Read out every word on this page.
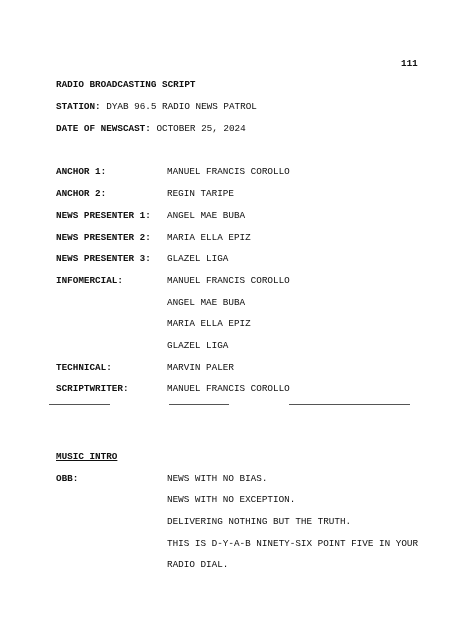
111
RADIO BROADCASTING SCRIPT
STATION: DYAB 96.5 RADIO NEWS PATROL
DATE OF NEWSCAST: OCTOBER 25, 2024
ANCHOR 1:	MANUEL FRANCIS COROLLO
ANCHOR 2:	REGIN TARIPE
NEWS PRESENTER 1: ANGEL MAE BUBA
NEWS PRESENTER 2: MARIA ELLA EPIZ
NEWS PRESENTER 3: GLAZEL LIGA
INFOMERCIAL:	MANUEL FRANCIS COROLLO
ANGEL MAE BUBA
MARIA ELLA EPIZ
GLAZEL LIGA
TECHNICAL:	MARVIN PALER
SCRIPTWRITER:	MANUEL FRANCIS COROLLO
MUSIC INTRO
OBB:	NEWS WITH NO BIAS.
NEWS WITH NO EXCEPTION.
DELIVERING NOTHING BUT THE TRUTH.
THIS IS D-Y-A-B NINETY-SIX POINT FIVE IN YOUR
RADIO DIAL.
